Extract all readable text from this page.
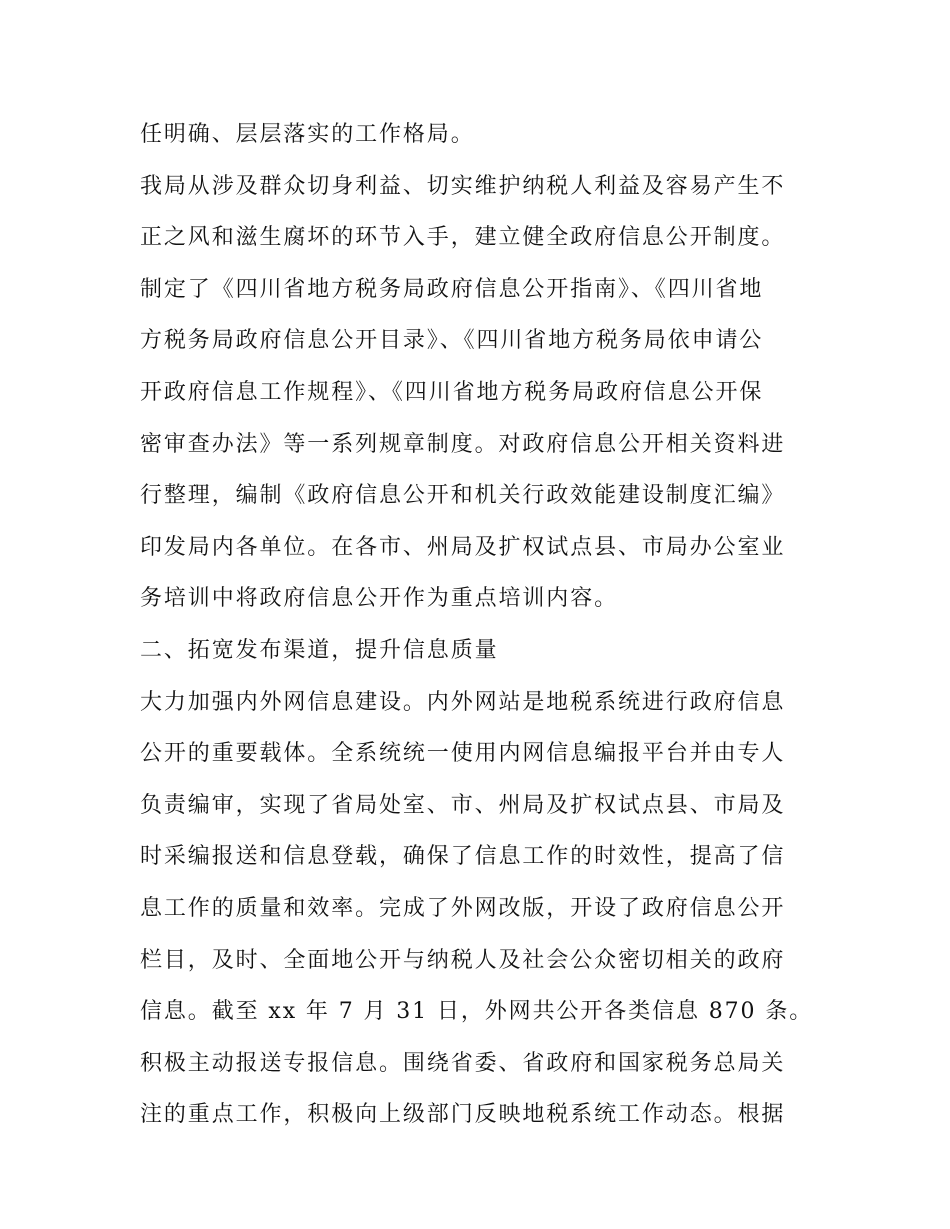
任明确、层层落实的工作格局。
我局从涉及群众切身利益、切实维护纳税人利益及容易产生不
正之风和滋生腐坏的环节入手，建立健全政府信息公开制度。
制定了《四川省地方税务局政府信息公开指南》、《四川省地
方税务局政府信息公开目录》、《四川省地方税务局依申请公
开政府信息工作规程》、《四川省地方税务局政府信息公开保
密审查办法》等一系列规章制度。对政府信息公开相关资料进
行整理，编制《政府信息公开和机关行政效能建设制度汇编》
印发局内各单位。在各市、州局及扩权试点县、市局办公室业
务培训中将政府信息公开作为重点培训内容。
二、拓宽发布渠道，提升信息质量
大力加强内外网信息建设。内外网站是地税系统进行政府信息
公开的重要载体。全系统统一使用内网信息编报平台并由专人
负责编审，实现了省局处室、市、州局及扩权试点县、市局及
时采编报送和信息登载，确保了信息工作的时效性，提高了信
息工作的质量和效率。完成了外网改版，开设了政府信息公开
栏目，及时、全面地公开与纳税人及社会公众密切相关的政府
信息。截至 xx 年 7 月 31 日，外网共公开各类信息 870 条。
积极主动报送专报信息。围绕省委、省政府和国家税务总局关
注的重点工作，积极向上级部门反映地税系统工作动态。根据
